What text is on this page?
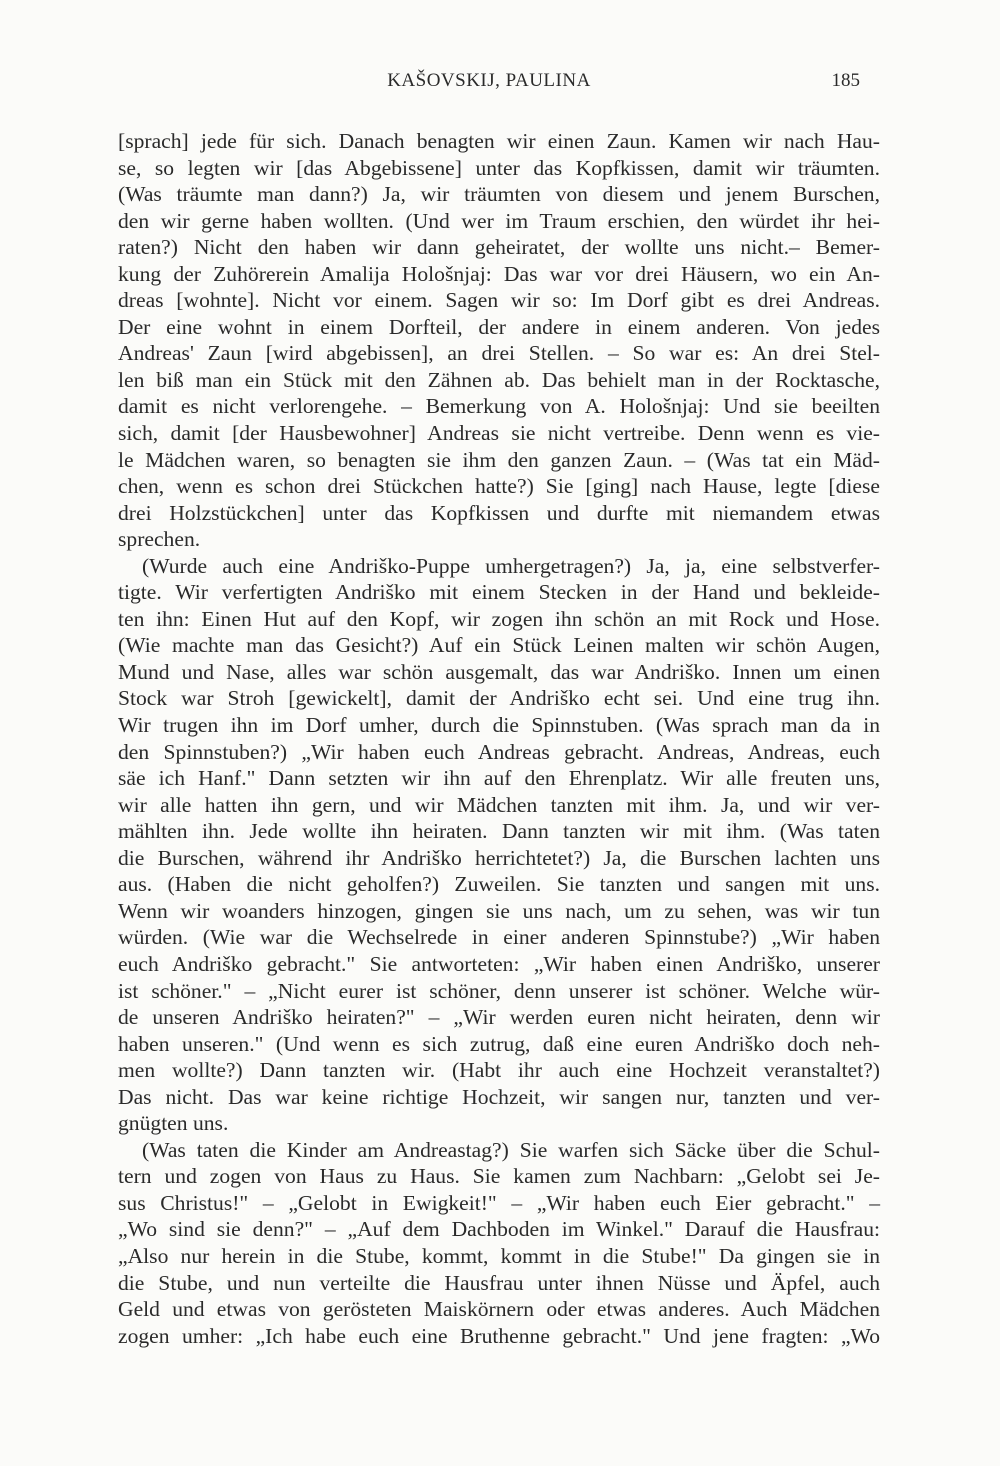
KAŠOVSKIJ, PAULINA	185
[sprach] jede für sich. Danach benagten wir einen Zaun. Kamen wir nach Hau-
se, so legten wir [das Abgebissene] unter das Kopfkissen, damit wir träumten.
(Was träumte man dann?) Ja, wir träumten von diesem und jenem Burschen,
den wir gerne haben wollten. (Und wer im Traum erschien, den würdet ihr hei-
raten?) Nicht den haben wir dann geheiratet, der wollte uns nicht.– Bemer-
kung der Zuhörerein Amalija Hološnjaj: Das war vor drei Häusern, wo ein An-
dreas [wohnte]. Nicht vor einem. Sagen wir so: Im Dorf gibt es drei Andreas.
Der eine wohnt in einem Dorfteil, der andere in einem anderen. Von jedes
Andreas' Zaun [wird abgebissen], an drei Stellen. – So war es: An drei Stel-
len biß man ein Stück mit den Zähnen ab. Das behielt man in der Rocktasche,
damit es nicht verlorengehe. – Bemerkung von A. Hološnjaj: Und sie beeilten
sich, damit [der Hausbewohner] Andreas sie nicht vertreibe. Denn wenn es vie-
le Mädchen waren, so benagten sie ihm den ganzen Zaun. – (Was tat ein Mäd-
chen, wenn es schon drei Stückchen hatte?) Sie [ging] nach Hause, legte [diese
drei Holzstückchen] unter das Kopfkissen und durfte mit niemandem etwas
sprechen.
(Wurde auch eine Andriško-Puppe umhergetragen?) Ja, ja, eine selbstverfer-
tigte. Wir verfertigten Andriško mit einem Stecken in der Hand und bekleide-
ten ihn: Einen Hut auf den Kopf, wir zogen ihn schön an mit Rock und Hose.
(Wie machte man das Gesicht?) Auf ein Stück Leinen malten wir schön Augen,
Mund und Nase, alles war schön ausgemalt, das war Andriško. Innen um einen
Stock war Stroh [gewickelt], damit der Andriško echt sei. Und eine trug ihn.
Wir trugen ihn im Dorf umher, durch die Spinnstuben. (Was sprach man da in
den Spinnstuben?) „Wir haben euch Andreas gebracht. Andreas, Andreas, euch
säe ich Hanf." Dann setzten wir ihn auf den Ehrenplatz. Wir alle freuten uns,
wir alle hatten ihn gern, und wir Mädchen tanzten mit ihm. Ja, und wir ver-
mählten ihn. Jede wollte ihn heiraten. Dann tanzten wir mit ihm. (Was taten
die Burschen, während ihr Andriško herrichtetet?) Ja, die Burschen lachten uns
aus. (Haben die nicht geholfen?) Zuweilen. Sie tanzten und sangen mit uns.
Wenn wir woanders hinzogen, gingen sie uns nach, um zu sehen, was wir tun
würden. (Wie war die Wechselrede in einer anderen Spinnstube?) „Wir haben
euch Andriško gebracht." Sie antworteten: „Wir haben einen Andriško, unserer
ist schöner." – „Nicht eurer ist schöner, denn unserer ist schöner. Welche wür-
de unseren Andriško heiraten?" – „Wir werden euren nicht heiraten, denn wir
haben unseren." (Und wenn es sich zutrug, daß eine euren Andriško doch neh-
men wollte?) Dann tanzten wir. (Habt ihr auch eine Hochzeit veranstaltet?)
Das nicht. Das war keine richtige Hochzeit, wir sangen nur, tanzten und ver-
gnügten uns.
(Was taten die Kinder am Andreastag?) Sie warfen sich Säcke über die Schul-
tern und zogen von Haus zu Haus. Sie kamen zum Nachbarn: „Gelobt sei Je-
sus Christus!" – „Gelobt in Ewigkeit!" – „Wir haben euch Eier gebracht." –
„Wo sind sie denn?" – „Auf dem Dachboden im Winkel." Darauf die Hausfrau:
„Also nur herein in die Stube, kommt, kommt in die Stube!" Da gingen sie in
die Stube, und nun verteilte die Hausfrau unter ihnen Nüsse und Äpfel, auch
Geld und etwas von gerösteten Maiskörnern oder etwas anderes. Auch Mädchen
zogen umher: „Ich habe euch eine Bruthenne gebracht." Und jene fragten: „Wo
